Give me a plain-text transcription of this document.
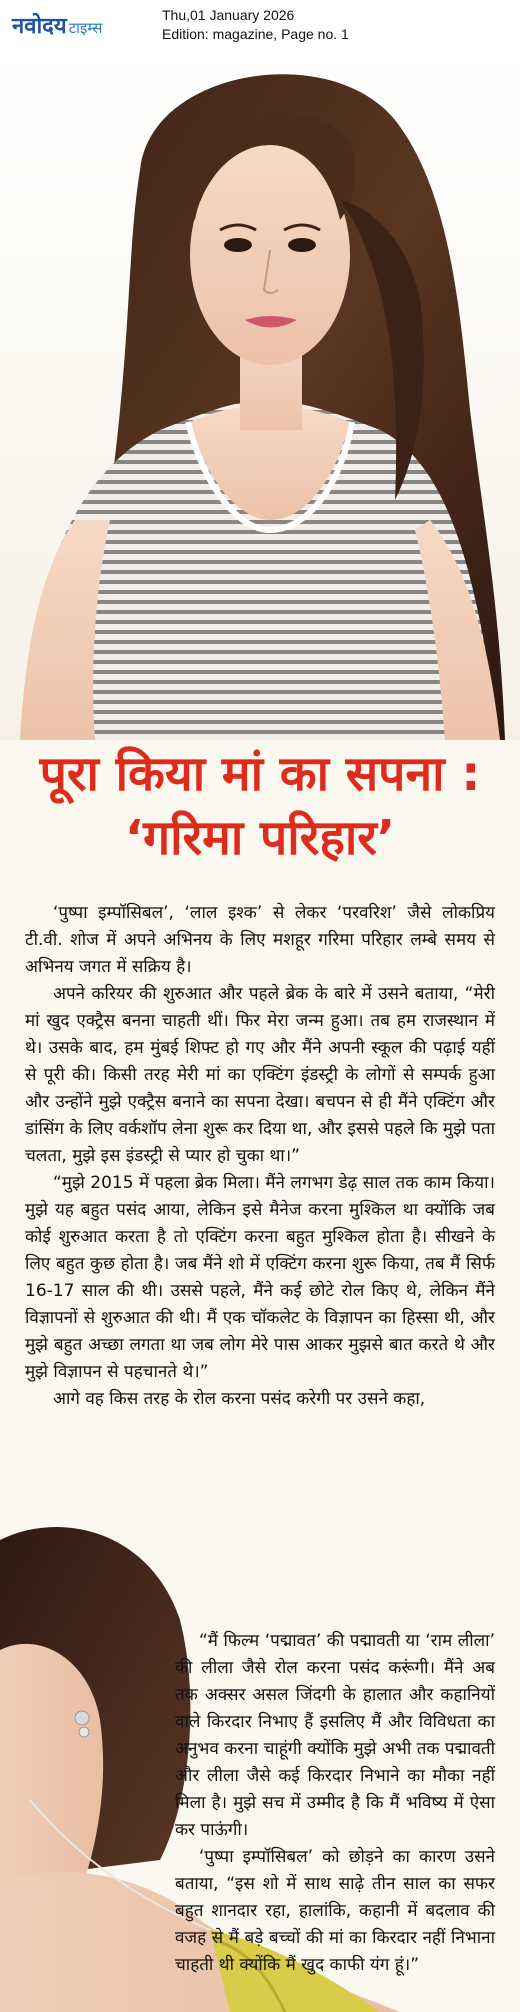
नवोदय टाइम्स
Thu,01 January 2026
Edition: magazine, Page no. 1
पूरा किया मां का सपना :
‘गरिमा परिहार’

‘पुष्पा इम्पॉसिबल’, ‘लाल इश्क’ से लेकर ‘परवरिश’ जैसे लोकप्रिय टी.वी. शोज में अपने अभिनय के लिए मशहूर गरिमा परिहार लम्बे समय से अभिनय जगत में सक्रिय है।

अपने करियर की शुरुआत और पहले ब्रेक के बारे में उसने बताया, “मेरी मां खुद एक्ट्रैस बनना चाहती थीं। फिर मेरा जन्म हुआ। तब हम राजस्थान में थे। उसके बाद, हम मुंबई शिफ्ट हो गए और मैंने अपनी स्कूल की पढ़ाई यहीं से पूरी की। किसी तरह मेरी मां का एक्टिंग इंडस्ट्री के लोगों से सम्पर्क हुआ और उन्होंने मुझे एक्ट्रैस बनाने का सपना देखा। बचपन से ही मैंने एक्टिंग और डांसिंग के लिए वर्कशॉप लेना शुरू कर दिया था, और इससे पहले कि मुझे पता चलता, मुझे इस इंडस्ट्री से प्यार हो चुका था।”

“मुझे 2015 में पहला ब्रेक मिला। मैंने लगभग डेढ़ साल तक काम किया। मुझे यह बहुत पसंद आया, लेकिन इसे मैनेज करना मुश्किल था क्योंकि जब कोई शुरुआत करता है तो एक्टिंग करना बहुत मुश्किल होता है। सीखने के लिए बहुत कुछ होता है। जब मैंने शो में एक्टिंग करना शुरू किया, तब मैं सिर्फ 16-17 साल की थी। उससे पहले, मैंने कई छोटे रोल किए थे, लेकिन मैंने विज्ञापनों से शुरुआत की थी। मैं एक चॉकलेट के विज्ञापन का हिस्सा थी, और मुझे बहुत अच्छा लगता था जब लोग मेरे पास आकर मुझसे बात करते थे और मुझे विज्ञापन से पहचानते थे।”

आगे वह किस तरह के रोल करना पसंद करेगी पर उसने कहा,

“मैं फिल्म ‘पद्मावत’ की पद्मावती या ‘राम लीला’ की लीला जैसे रोल करना पसंद करूंगी। मैंने अब तक अक्सर असल जिंदगी के हालात और कहानियों वाले किरदार निभाए हैं इसलिए मैं और विविधता का अनुभव करना चाहूंगी क्योंकि मुझे अभी तक पद्मावती और लीला जैसे कई किरदार निभाने का मौका नहीं मिला है। मुझे सच में उम्मीद है कि मैं भविष्य में ऐसा कर पाऊंगी।

‘पुष्पा इम्पॉसिबल’ को छोड़ने का कारण उसने बताया, “इस शो में साथ साढ़े तीन साल का सफर बहुत शानदार रहा, हालांकि, कहानी में बदलाव की वजह से मैं बड़े बच्चों की मां का किरदार नहीं निभाना चाहती थी क्योंकि मैं खुद काफी यंग हूं।”
